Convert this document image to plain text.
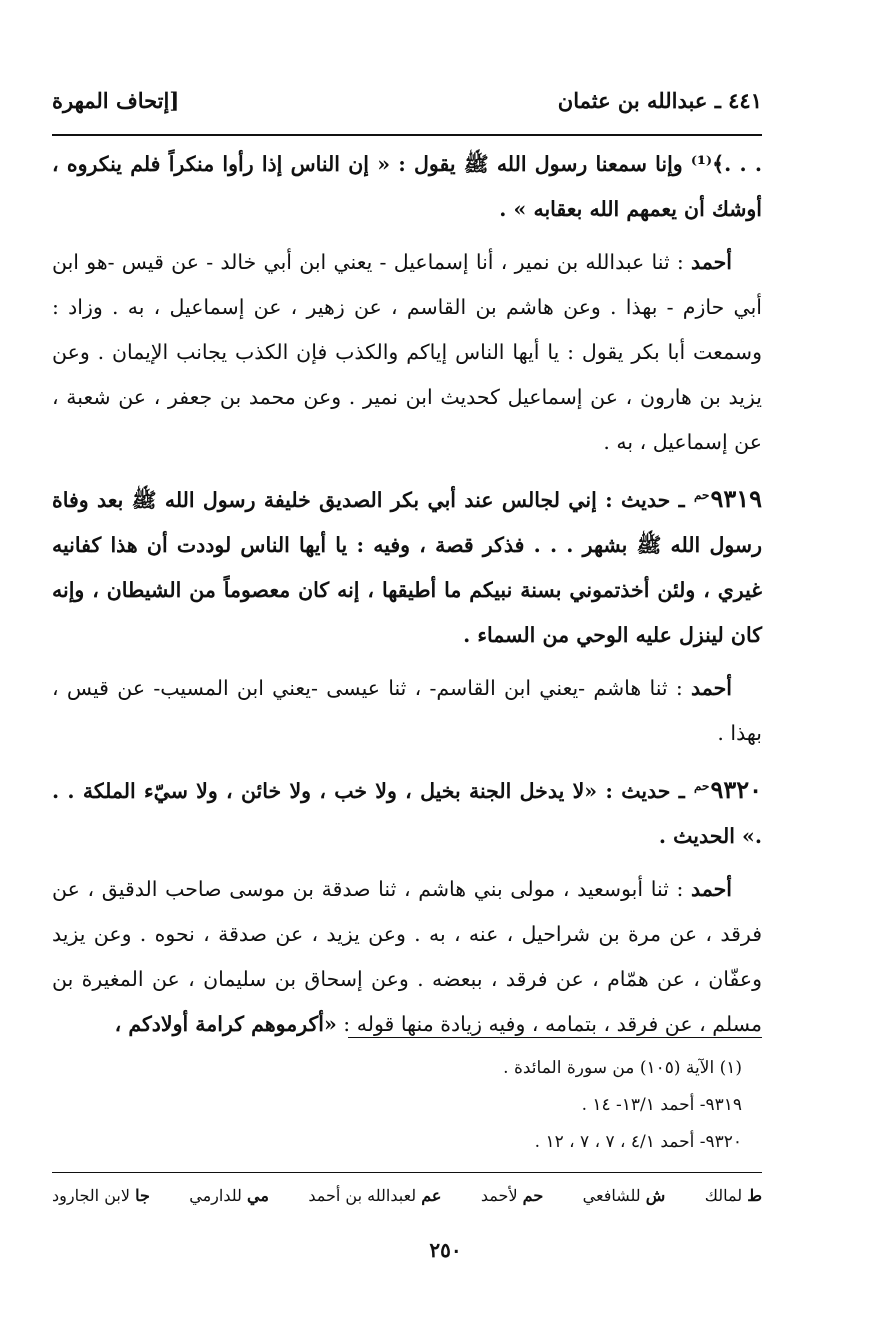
٤٤١ ـ عبدالله بن عثمان
[إتحاف المهرة

. . .﴾⁽¹⁾ وإنا سمعنا رسول الله ﷺ يقول : « إن الناس إذا رأوا منكراً فلم ينكروه ، أوشك أن يعمهم الله بعقابه » .

أحمد : ثنا عبدالله بن نمير ، أنا إسماعيل - يعني ابن أبي خالد - عن قيس -هو ابن أبي حازم - بهذا . وعن هاشم بن القاسم ، عن زهير ، عن إسماعيل ، به . وزاد : وسمعت أبا بكر يقول : يا أيها الناس إياكم والكذب فإن الكذب يجانب الإيمان . وعن يزيد بن هارون ، عن إسماعيل كحديث ابن نمير . وعن محمد بن جعفر ، عن شعبة ، عن إسماعيل ، به .

$٩٣١٩^{حم}$ ـ حديث : إني لجالس عند أبي بكر الصديق خليفة رسول الله ﷺ بعد وفاة رسول الله ﷺ بشهر . . . فذكر قصة ، وفيه : يا أيها الناس لوددت أن هذا كفانيه غيري ، ولئن أخذتموني بسنة نبيكم ما أطيقها ، إنه كان معصوماً من الشيطان ، وإنه كان لينزل عليه الوحي من السماء .

أحمد : ثنا هاشم -يعني ابن القاسم- ، ثنا عيسى -يعني ابن المسيب- عن قيس ، بهذا .

$٩٣٢٠^{حم}$ ـ حديث : «لا يدخل الجنة بخيل ، ولا خب ، ولا خائن ، ولا سيّء الملكة . . .» الحديث .

أحمد : ثنا أبوسعيد ، مولى بني هاشم ، ثنا صدقة بن موسى صاحب الدقيق ، عن فرقد ، عن مرة بن شراحيل ، عنه ، به . وعن يزيد ، عن صدقة ، نحوه . وعن يزيد وعفّان ، عن همّام ، عن فرقد ، ببعضه . وعن إسحاق بن سليمان ، عن المغيرة بن مسلم ، عن فرقد ، بتمامه ، وفيه زيادة منها قوله : «أكرموهم كرامة أولادكم ،

(١) الآية (١٠٥) من سورة المائدة .
٩٣١٩- أحمد ١٣/١- ١٤ .
٩٣٢٠- أحمد ٤/١ ، ٧ ، ٧ ، ١٢ .
ط لمالك
ش للشافعي
حم لأحمد
عم لعبدالله بن أحمد
مي للدارمي
جا لابن الجارود
٢٥٠
